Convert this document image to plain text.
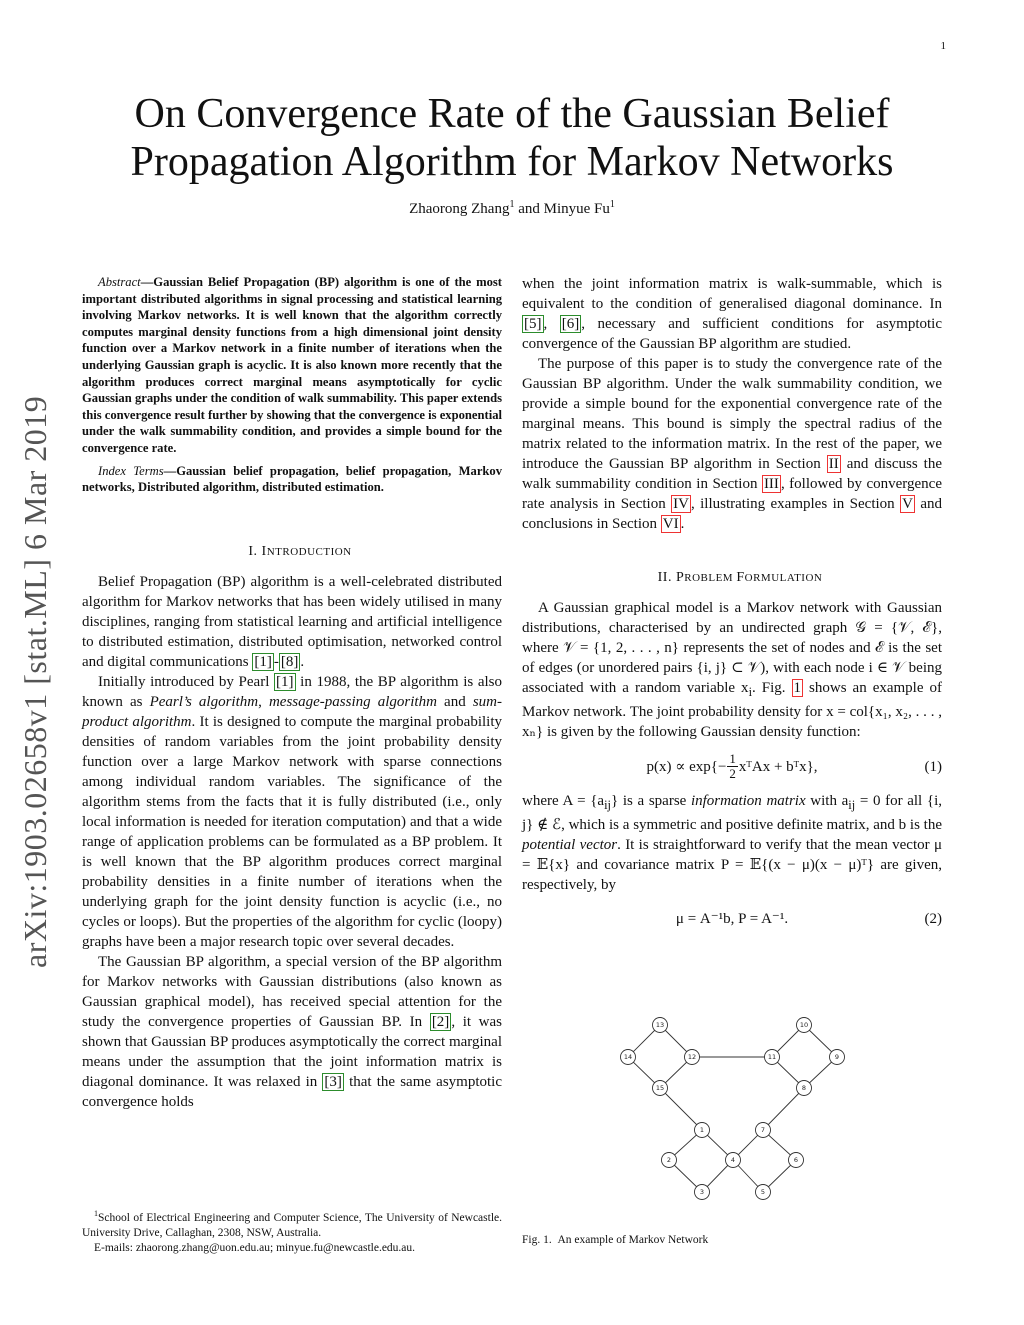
1
arXiv:1903.02658v1 [stat.ML] 6 Mar 2019
On Convergence Rate of the Gaussian Belief
Propagation Algorithm for Markov Networks
Zhaorong Zhang$^1$ and Minyue Fu$^1$

Abstract—Gaussian Belief Propagation (BP) algorithm is one of the most important distributed algorithms in signal processing and statistical learning involving Markov networks. It is well known that the algorithm correctly computes marginal density functions from a high dimensional joint density function over a Markov network in a finite number of iterations when the underlying Gaussian graph is acyclic. It is also known more recently that the algorithm produces correct marginal means asymptotically for cyclic Gaussian graphs under the condition of walk summability. This paper extends this convergence result further by showing that the convergence is exponential under the walk summability condition, and provides a simple bound for the convergence rate.

Index Terms—Gaussian belief propagation, belief propagation, Markov networks, Distributed algorithm, distributed estimation.

I. INTRODUCTION

Belief Propagation (BP) algorithm is a well-celebrated distributed algorithm for Markov networks that has been widely utilised in many disciplines, ranging from statistical learning and artificial intelligence to distributed estimation, distributed optimisation, networked control and digital communications [1] - [8] .

Initially introduced by Pearl [1] in 1988, the BP algorithm is also known as Pearl’s algorithm, message-passing algorithm and sum-product algorithm. It is designed to compute the marginal probability densities of random variables from the joint probability density function over a large Markov network with sparse connections among individual random variables. The significance of the algorithm stems from the facts that it is fully distributed (i.e., only local information is needed for iteration computation) and that a wide range of application problems can be formulated as a BP problem. It is well known that the BP algorithm produces correct marginal probability densities in a finite number of iterations when the underlying graph for the joint density function is acyclic (i.e., no cycles or loops). But the properties of the algorithm for cyclic (loopy) graphs have been a major research topic over several decades.

The Gaussian BP algorithm, a special version of the BP algorithm for Markov networks with Gaussian distributions (also known as Gaussian graphical model), has received special attention for the study the convergence properties of Gaussian BP. In [2] , it was shown that Gaussian BP produces asymptotically the correct marginal means under the assumption that the joint information matrix is diagonal dominance. It was relaxed in [3] that the same asymptotic convergence holds

$^1$School of Electrical Engineering and Computer Science, The University of Newcastle. University Drive, Callaghan, 2308, NSW, Australia.

E-mails: zhaorong.zhang@uon.edu.au; minyue.fu@newcastle.edu.au.

when the joint information matrix is walk-summable, which is equivalent to the condition of generalised diagonal dominance. In [5] , [6] , necessary and sufficient conditions for asymptotic convergence of the Gaussian BP algorithm are studied.

The purpose of this paper is to study the convergence rate of the Gaussian BP algorithm. Under the walk summability condition, we provide a simple bound for the exponential convergence rate of the marginal means. This bound is simply the spectral radius of the matrix related to the information matrix. In the rest of the paper, we introduce the Gaussian BP algorithm in Section II and discuss the walk summability condition in Section III , followed by convergence rate analysis in Section IV , illustrating examples in Section V and conclusions in Section VI .

II. PROBLEM FORMULATION

A Gaussian graphical model is a Markov network with Gaussian distributions, characterised by an undirected graph 𝒢 = {𝒱, ℰ}, where 𝒱 = {1, 2, . . . , n} represents the set of nodes and ℰ is the set of edges (or unordered pairs {i, j} ⊂ 𝒱), with each node i ∈ 𝒱 being associated with a random variable $x_i$. Fig. 1 shows an example of Markov network. The joint probability density for x = col{x₁, x₂, . . . , xₙ} is given by the following Gaussian density function:

$p(x) \propto \exp\{- \frac{1}{2}$ xᵀAx + bᵀx},	(1)

where $A = \{a_{ij}\}$ is a sparse information matrix with $a_{ij} = 0$ for all {i, j} ∉ ℰ, which is a symmetric and positive definite matrix, and b is the potential vector. It is straightforward to verify that the mean vector μ = 𝔼{x} and covariance matrix P = 𝔼{(x − μ)(x − μ)ᵀ} are given, respectively, by

μ = A⁻¹b, P = A⁻¹.	(2)
1
2
3
4
5
6
7
8
9
10
11
12
13
14
15
Fig. 1. An example of Markov Network
